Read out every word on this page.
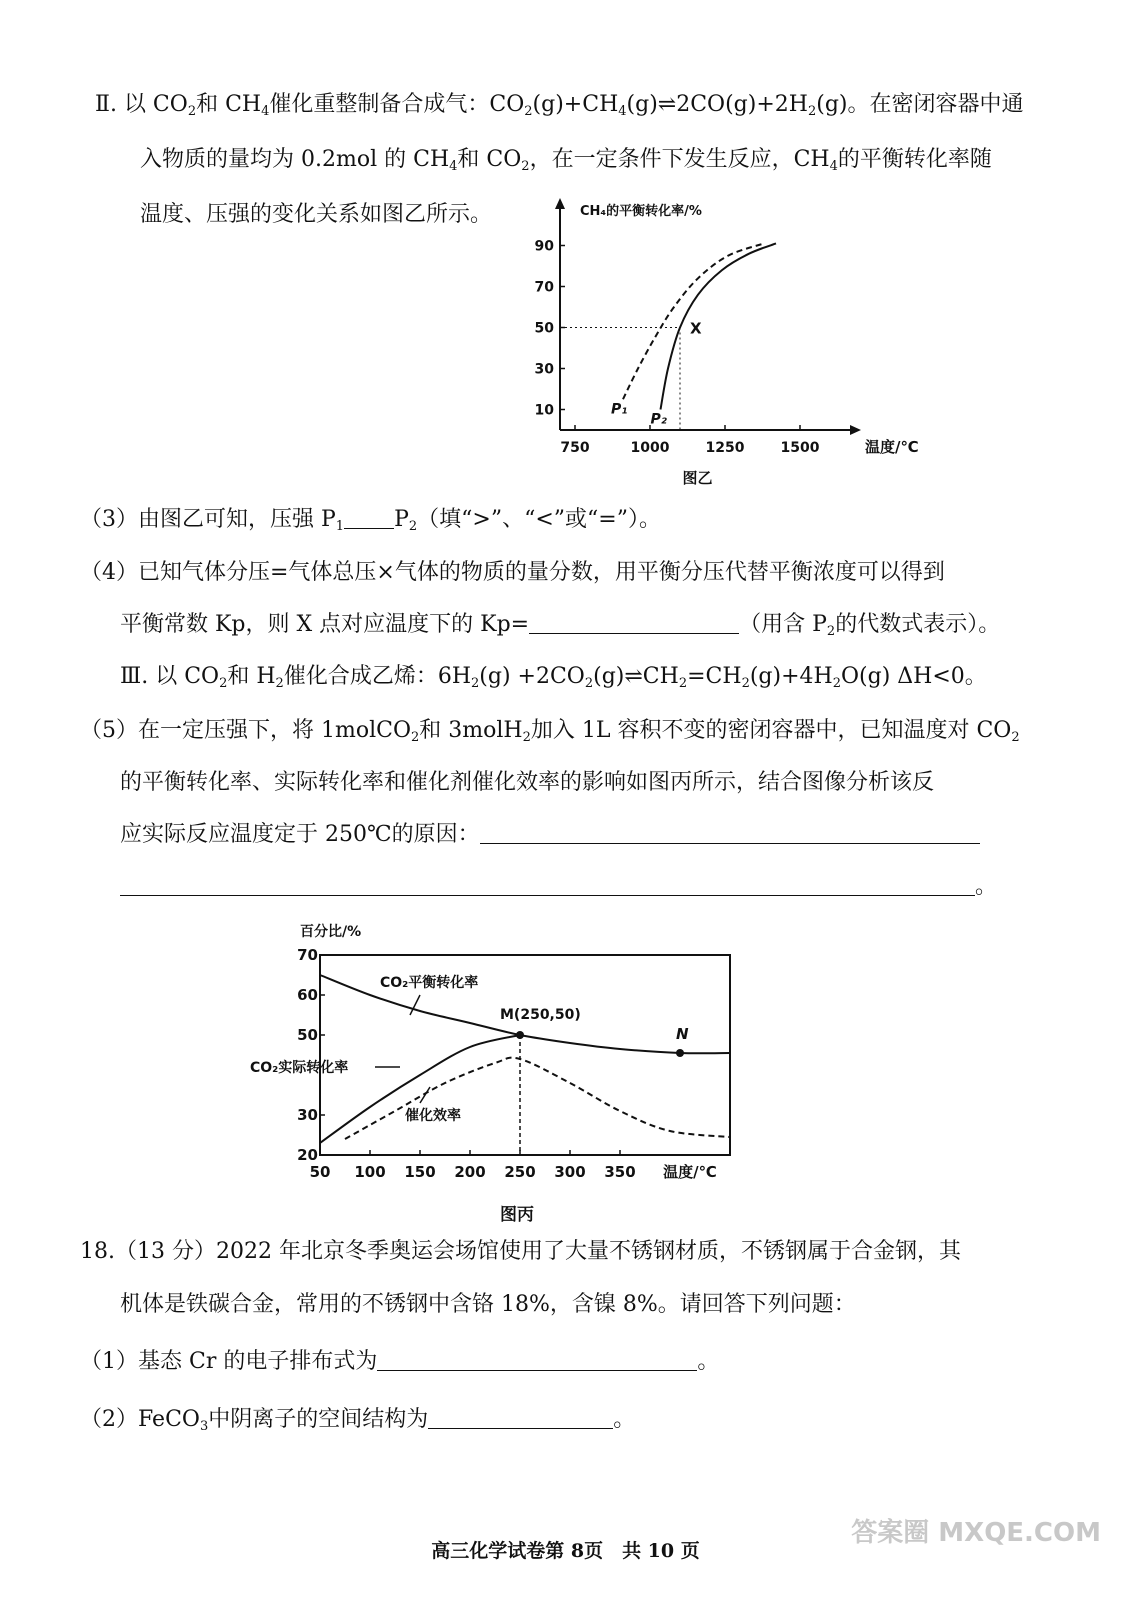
Ⅱ. 以 $CO_2$和 $CH_4$催化重整制备合成气：$CO_2(g)+CH_4(g)\rightleftharpoons 2CO(g)+2H_2(g)$。在密闭容器中通
入物质的量均为 0.2mol 的 $CH_4$和 $CO_2$，在一定条件下发生反应，$CH_4$的平衡转化率随
温度、压强的变化关系如图乙所示。	CH₄的平衡转化率/%
温度/℃
图乙
750	1000	1250	1500
10
30
50
70
90
P₁
P₂
X
（3）由图乙可知，压强 $P_1$ $P_2$（填“>”、“<”或“=”）。
（4）已知气体分压=气体总压×气体的物质的量分数，用平衡分压代替平衡浓度可以得到
平衡常数 Kp，则 X 点对应温度下的 Kp=	（用含 $P_2$的代数式表示）。
Ⅲ. 以 $CO_2$和 $H_2$催化合成乙烯：$6H_2(g)$ $+2CO_2(g)\rightleftharpoons CH_2=CH_2(g)+4H_2O(g)$ ΔH<0。
（5）在一定压强下，将 1molCO$_2$和 3molH$_2$加入 1L 容积不变的密闭容器中，已知温度对 $CO_2$
的平衡转化率、实际转化率和催化剂催化效率的影响如图丙所示，结合图像分析该反
应实际反应温度定于 250℃的原因：
。
百分比/%
温度/℃
图丙
50 100 150 200 250 300 350
20
30
50
60
70
CO₂平衡转化率
CO₂实际转化率
催化效率
M(250,50)
N
18.（13 分）2022 年北京冬季奥运会场馆使用了大量不锈钢材质，不锈钢属于合金钢，其
机体是铁碳合金，常用的不锈钢中含铬 18%，含镍 8%。请回答下列问题：
（1）基态 Cr 的电子排布式为	。
（2）FeCO$_3$中阴离子的空间结构为	。
高三化学试卷第 8页　共 10 页
答案圈 MXQE.COM
